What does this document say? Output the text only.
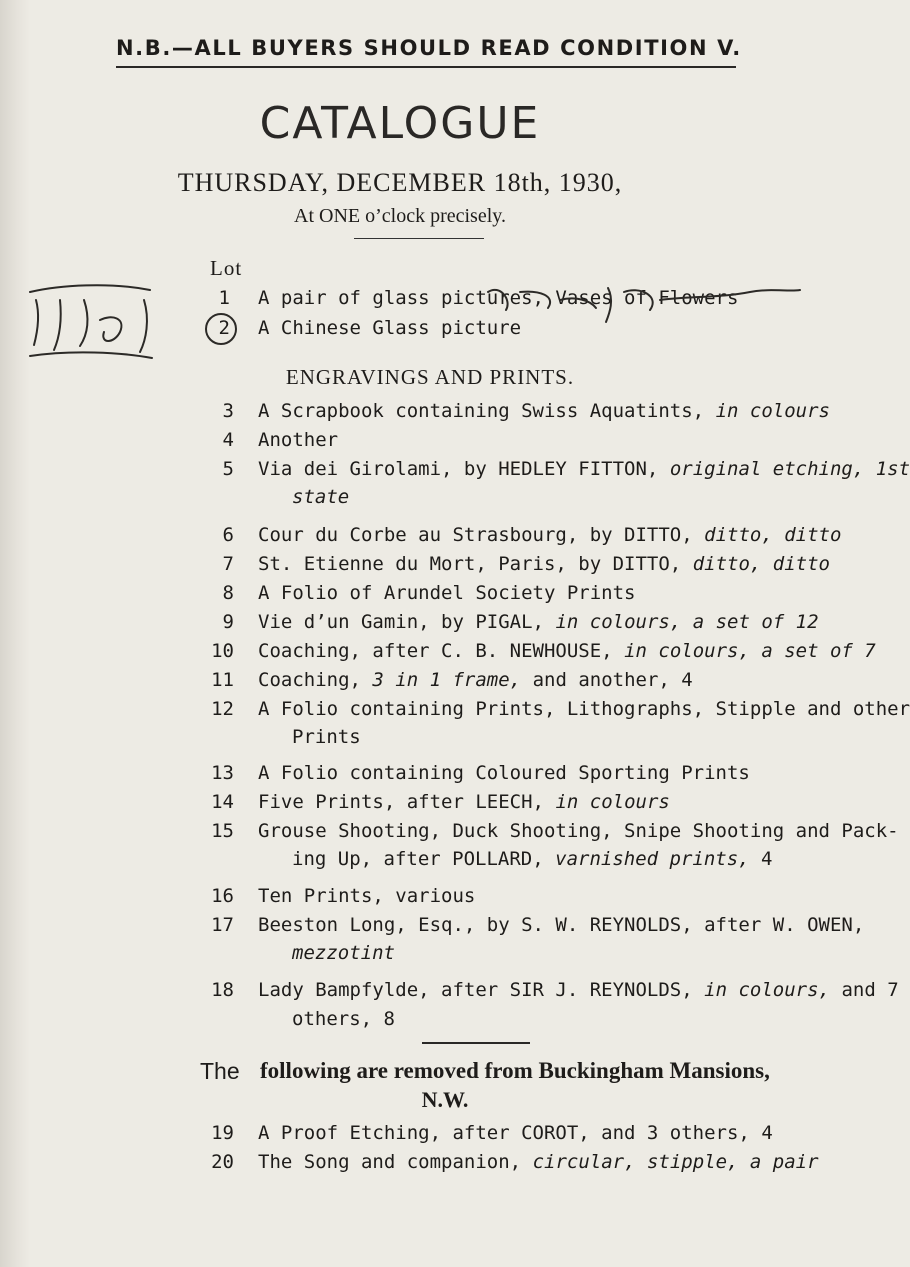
N.B.—ALL BUYERS SHOULD READ CONDITION V.
CATALOGUE
THURSDAY, DECEMBER 18th, 1930,
At ONE o’clock precisely.
Lot
1 A pair of glass pictures, Vases of Flowers
2 A Chinese Glass picture
ENGRAVINGS AND PRINTS.
3 A Scrapbook containing Swiss Aquatints, in colours
4 Another
5 Via dei Girolami, by HEDLEY FITTON, original etching, 1st
state
6 Cour du Corbe au Strasbourg, by DITTO, ditto, ditto
7 St. Etienne du Mort, Paris, by DITTO, ditto, ditto
8 A Folio of Arundel Society Prints
9 Vie d’un Gamin, by PIGAL, in colours, a set of 12
10 Coaching, after C. B. NEWHOUSE, in colours, a set of 7
11 Coaching, 3 in 1 frame, and another, 4
12 A Folio containing Prints, Lithographs, Stipple and other
Prints
13 A Folio containing Coloured Sporting Prints
14 Five Prints, after LEECH, in colours
15 Grouse Shooting, Duck Shooting, Snipe Shooting and Pack-
ing Up, after POLLARD, varnished prints, 4
16 Ten Prints, various
17 Beeston Long, Esq., by S. W. REYNOLDS, after W. OWEN,
mezzotint
18 Lady Bampfylde, after SIR J. REYNOLDS, in colours, and 7
others, 8
The following are removed from Buckingham Mansions,
N.W.
19 A Proof Etching, after COROT, and 3 others, 4
20 The Song and companion, circular, stipple, a pair
